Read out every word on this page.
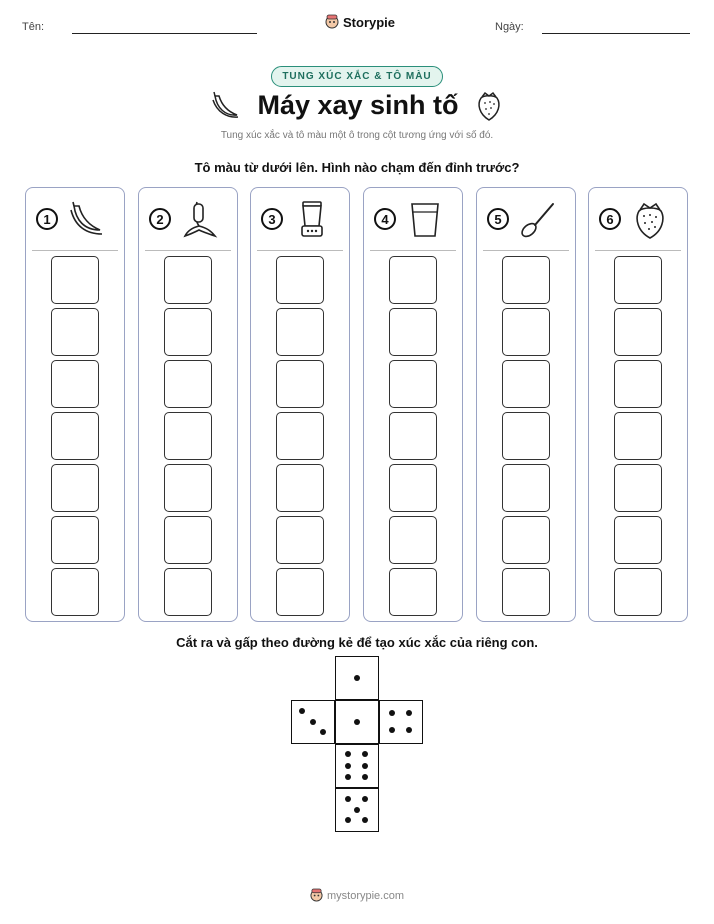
Tên:	Storypie	Ngày:
TUNG XÚC XẮC & TÔ MÀU
Máy xay sinh tố
Tung xúc xắc và tô màu một ô trong cột tương ứng với số đó.
Tô màu từ dưới lên. Hình nào chạm đến đỉnh trước?
1	2	3	4	5	6
Cắt ra và gấp theo đường kẻ để tạo xúc xắc của riêng con.
mystorypie.com
